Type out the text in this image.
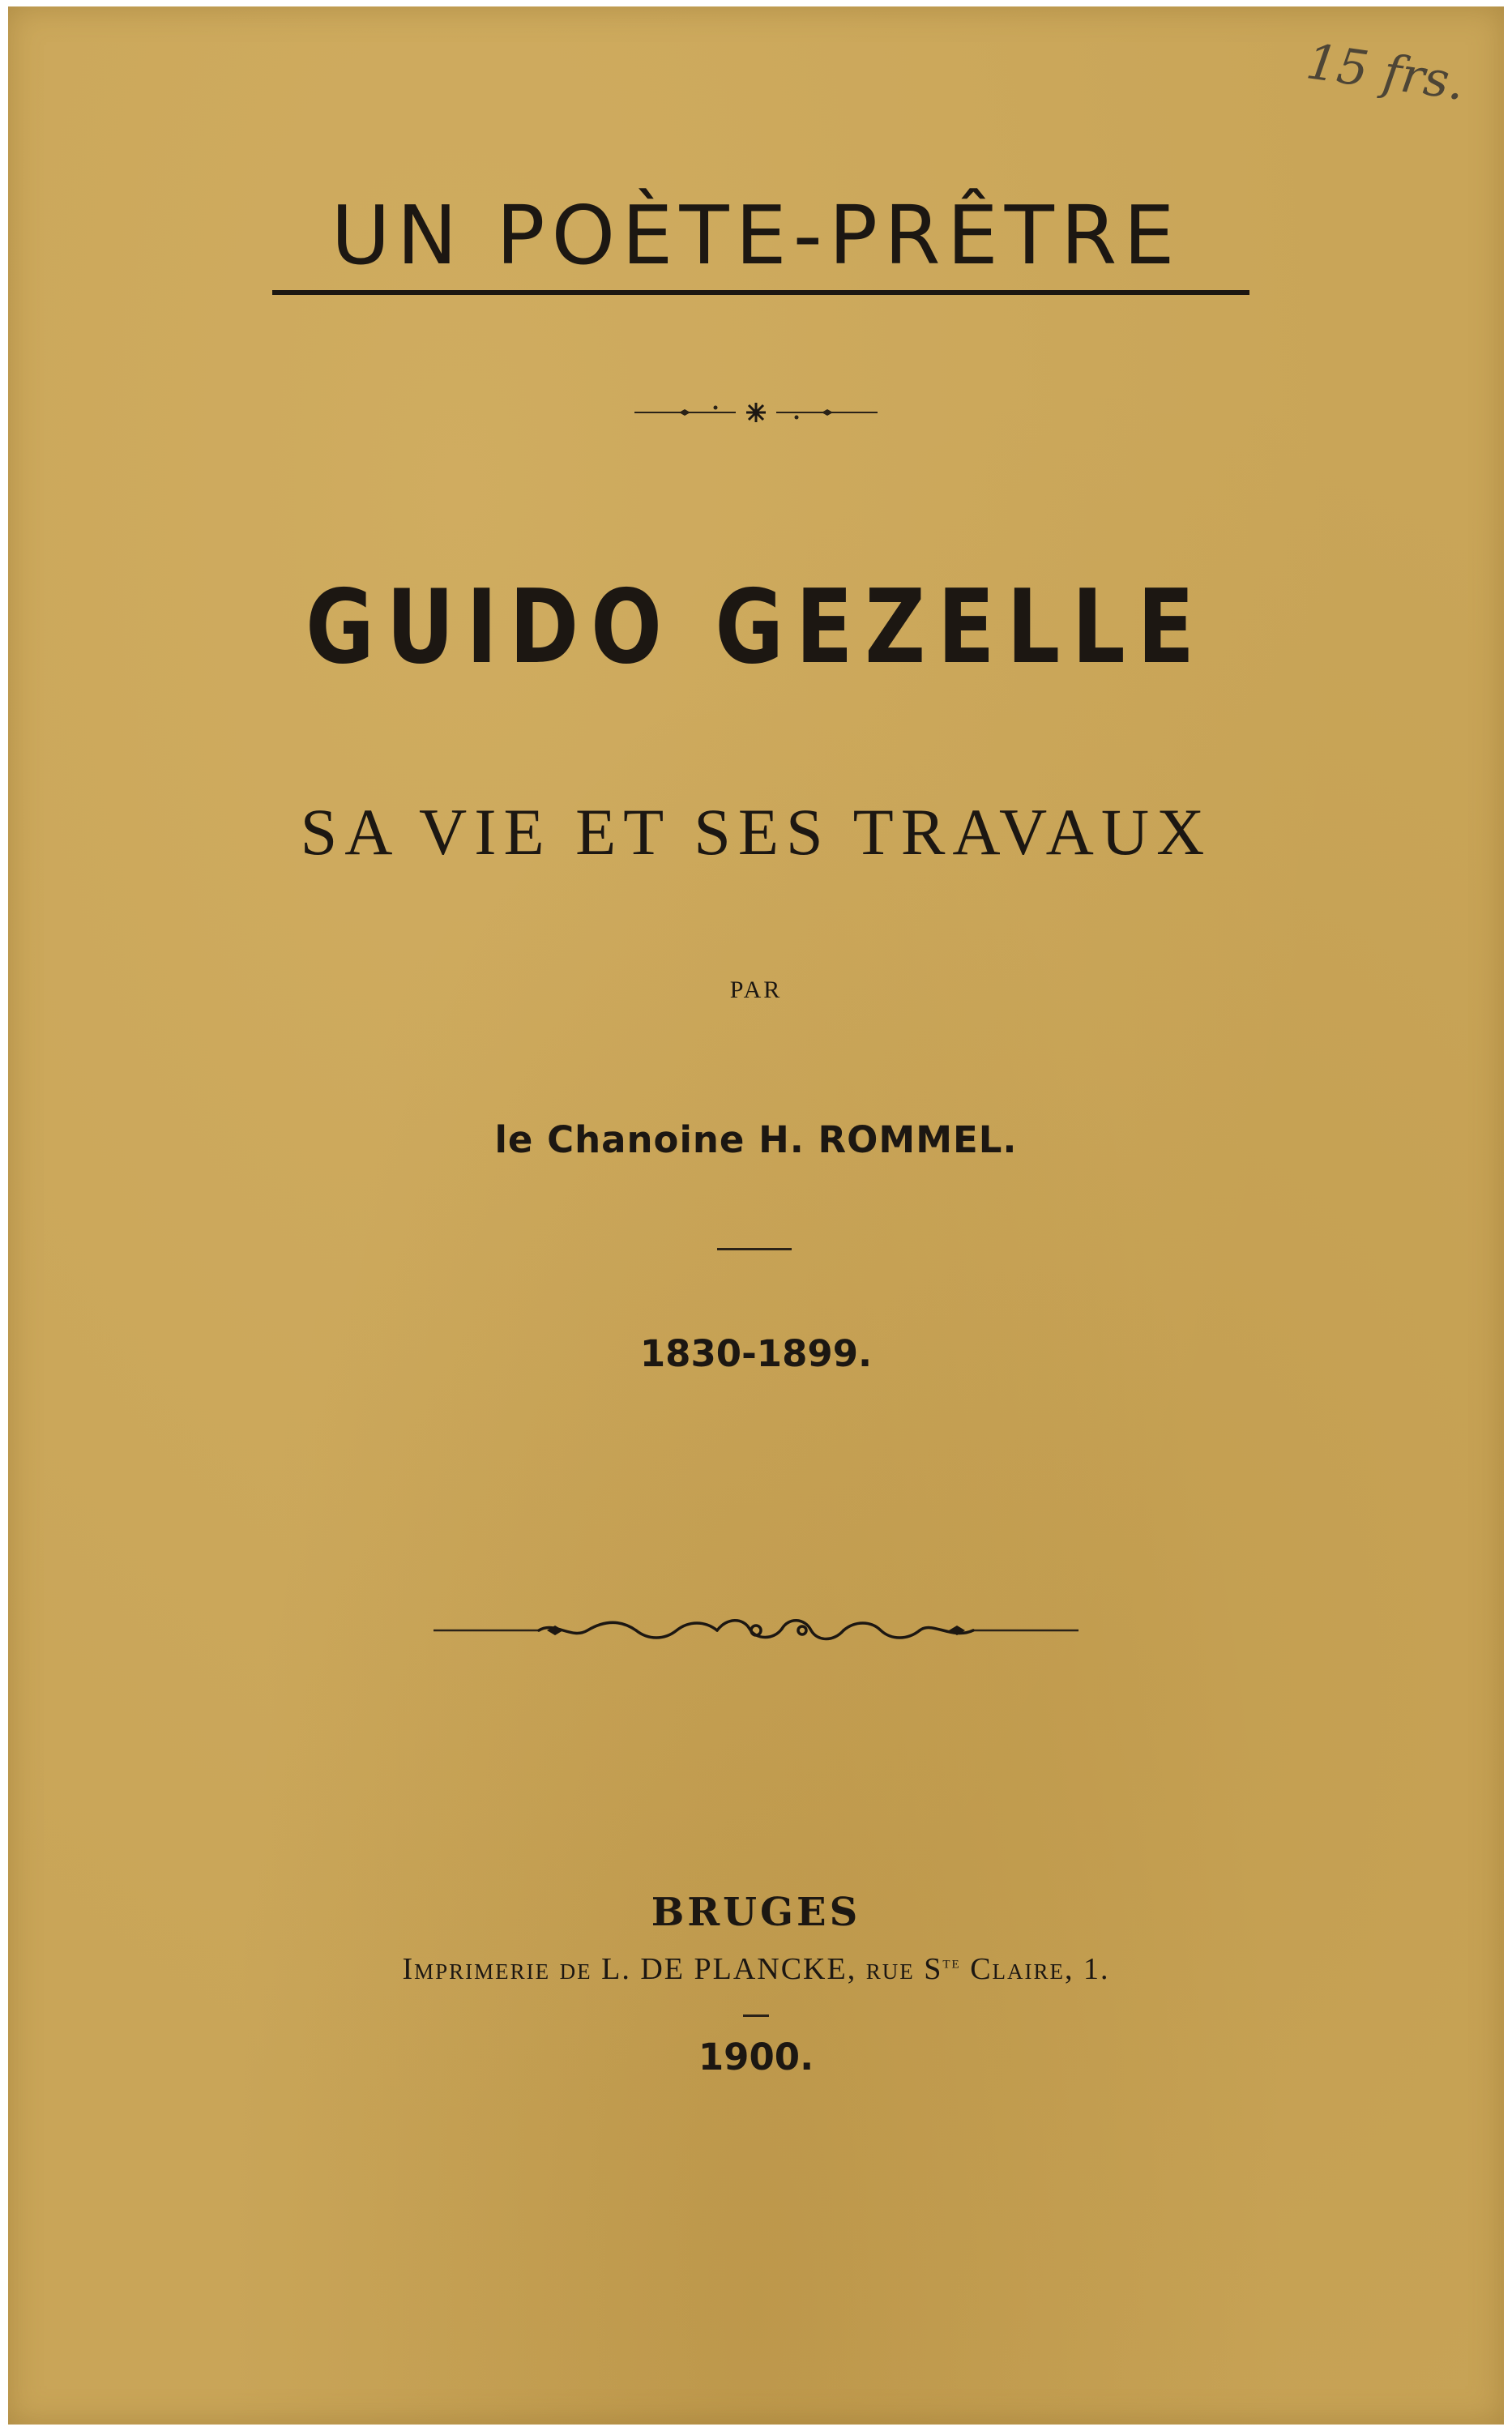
15 frs.
UN POÈTE-PRÊTRE
GUIDO GEZELLE
SA VIE ET SES TRAVAUX
PAR
le Chanoine H. ROMMEL.
1830-1899.
BRUGES
Imprimerie de L. DE PLANCKE, rue $S^{te}$ Claire, 1.
1900.
